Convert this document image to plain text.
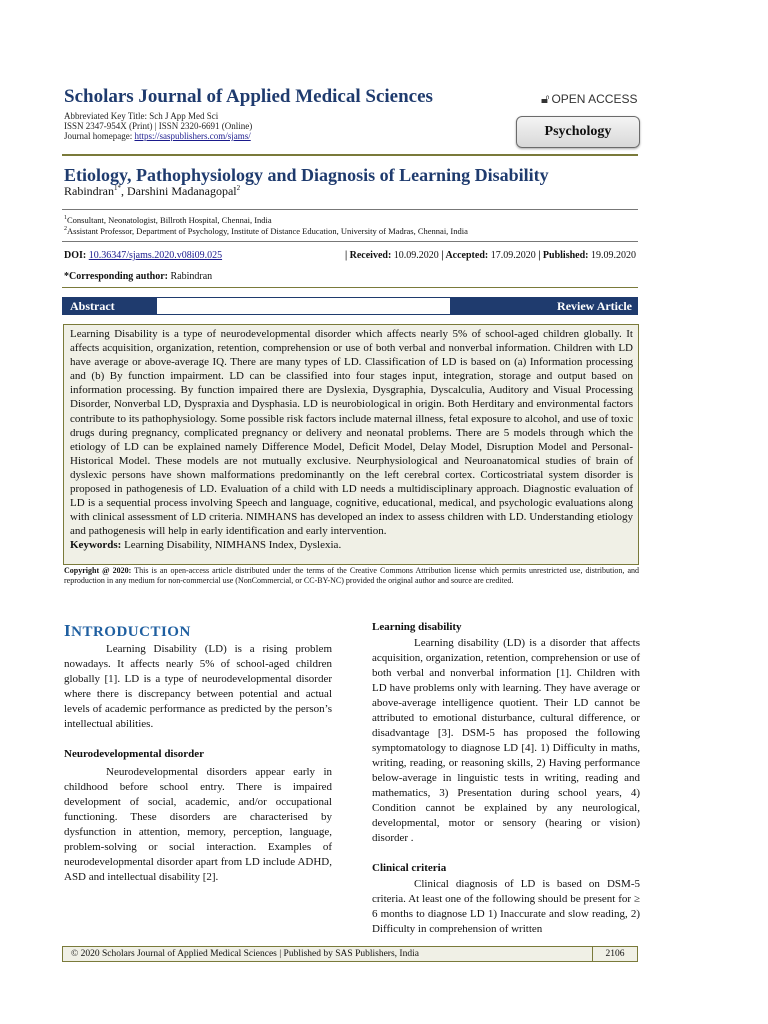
Scholars Journal of Applied Medical Sciences
Abbreviated Key Title: Sch J App Med Sci
ISSN 2347-954X (Print) | ISSN 2320-6691 (Online)
Journal homepage: https://saspublishers.com/sjams/
🔓︎ OPEN ACCESS
Psychology
Etiology, Pathophysiology and Diagnosis of Learning Disability
Rabindran$^{1*}$, Darshini Madanagopal$^2$
$^1$Consultant, Neonatologist, Billroth Hospital, Chennai, India
$^2$Assistant Professor, Department of Psychology, Institute of Distance Education, University of Madras, Chennai, India
DOI: 10.36347/sjams.2020.v08i09.025	| Received: 10.09.2020 | Accepted: 17.09.2020 | Published: 19.09.2020
*Corresponding author: Rabindran
Abstract	Review Article

Learning Disability is a type of neurodevelopmental disorder which affects nearly 5% of school-aged children globally. It affects acquisition, organization, retention, comprehension or use of both verbal and nonverbal information. Children with LD have average or above-average IQ. There are many types of LD. Classification of LD is based on (a) Information processing and (b) By function impairment. LD can be classified into four stages input, integration, storage and output based on information processing. By function impaired there are Dyslexia, Dysgraphia, Dyscalculia, Auditory and Visual Processing Disorder, Nonverbal LD, Dyspraxia and Dysphasia. LD is neurobiological in origin. Both Herditary and environmental factors contribute to its pathophysiology. Some possible risk factors include maternal illness, fetal exposure to alcohol, and use of toxic drugs during pregnancy, complicated pregnancy or delivery and neonatal problems. There are 5 models through which the etiology of LD can be explained namely Difference Model, Deficit Model, Delay Model, Disruption Model and Personal-Historical Model. These models are not mutually exclusive. Neurphysiological and Neuroanatomical studies of brain of dyslexic persons have shown malformations predominantly on the left cerebral cortex. Corticostriatal system disorder is proposed in pathogenesis of LD. Evaluation of a child with LD needs a multidisciplinary approach. Diagnostic evaluation of LD is a sequential process involving Speech and language, cognitive, educational, medical, and psychologic evaluations along with clinical assessment of LD criteria. NIMHANS has developed an index to assess children with LD. Understanding etiology and pathogenesis will help in early identification and early intervention.

Keywords: Learning Disability, NIMHANS Index, Dyslexia.

Copyright @ 2020: This is an open-access article distributed under the terms of the Creative Commons Attribution license which permits unrestricted use, distribution, and reproduction in any medium for non-commercial use (NonCommercial, or CC-BY-NC) provided the original author and source are credited.
INTRODUCTION

Learning Disability (LD) is a rising problem nowadays. It affects nearly 5% of school-aged children globally [1]. LD is a type of neurodevelopmental disorder where there is discrepancy between potential and actual levels of academic performance as predicted by the person’s intellectual abilities.

Neurodevelopmental disorder

Neurodevelopmental disorders appear early in childhood before school entry. There is impaired development of social, academic, and/or occupational functioning. These disorders are characterised by dysfunction in attention, memory, perception, language, problem-solving or social interaction. Examples of neurodevelopmental disorder apart from LD include ADHD, ASD and intellectual disability [2].

Learning disability

Learning disability (LD) is a disorder that affects acquisition, organization, retention, comprehension or use of both verbal and nonverbal information [1]. Children with LD have problems only with learning. They have average or above-average intelligence quotient. Their LD cannot be attributed to emotional disturbance, cultural difference, or disadvantage [3]. DSM-5 has proposed the following symptomatology to diagnose LD [4]. 1) Difficulty in maths, writing, reading, or reasoning skills, 2) Having performance below-average in linguistic tests in writing, reading and mathematics, 3) Presentation during school years, 4) Condition cannot be explained by any neurological, developmental, motor or sensory (hearing or vision) disorder .

Clinical criteria

Clinical diagnosis of LD is based on DSM-5 criteria. At least one of the following should be present for ≥ 6 months to diagnose LD 1) Inaccurate and slow reading, 2) Difficulty in comprehension of written

© 2020 Scholars Journal of Applied Medical Sciences | Published by SAS Publishers, India	2106
